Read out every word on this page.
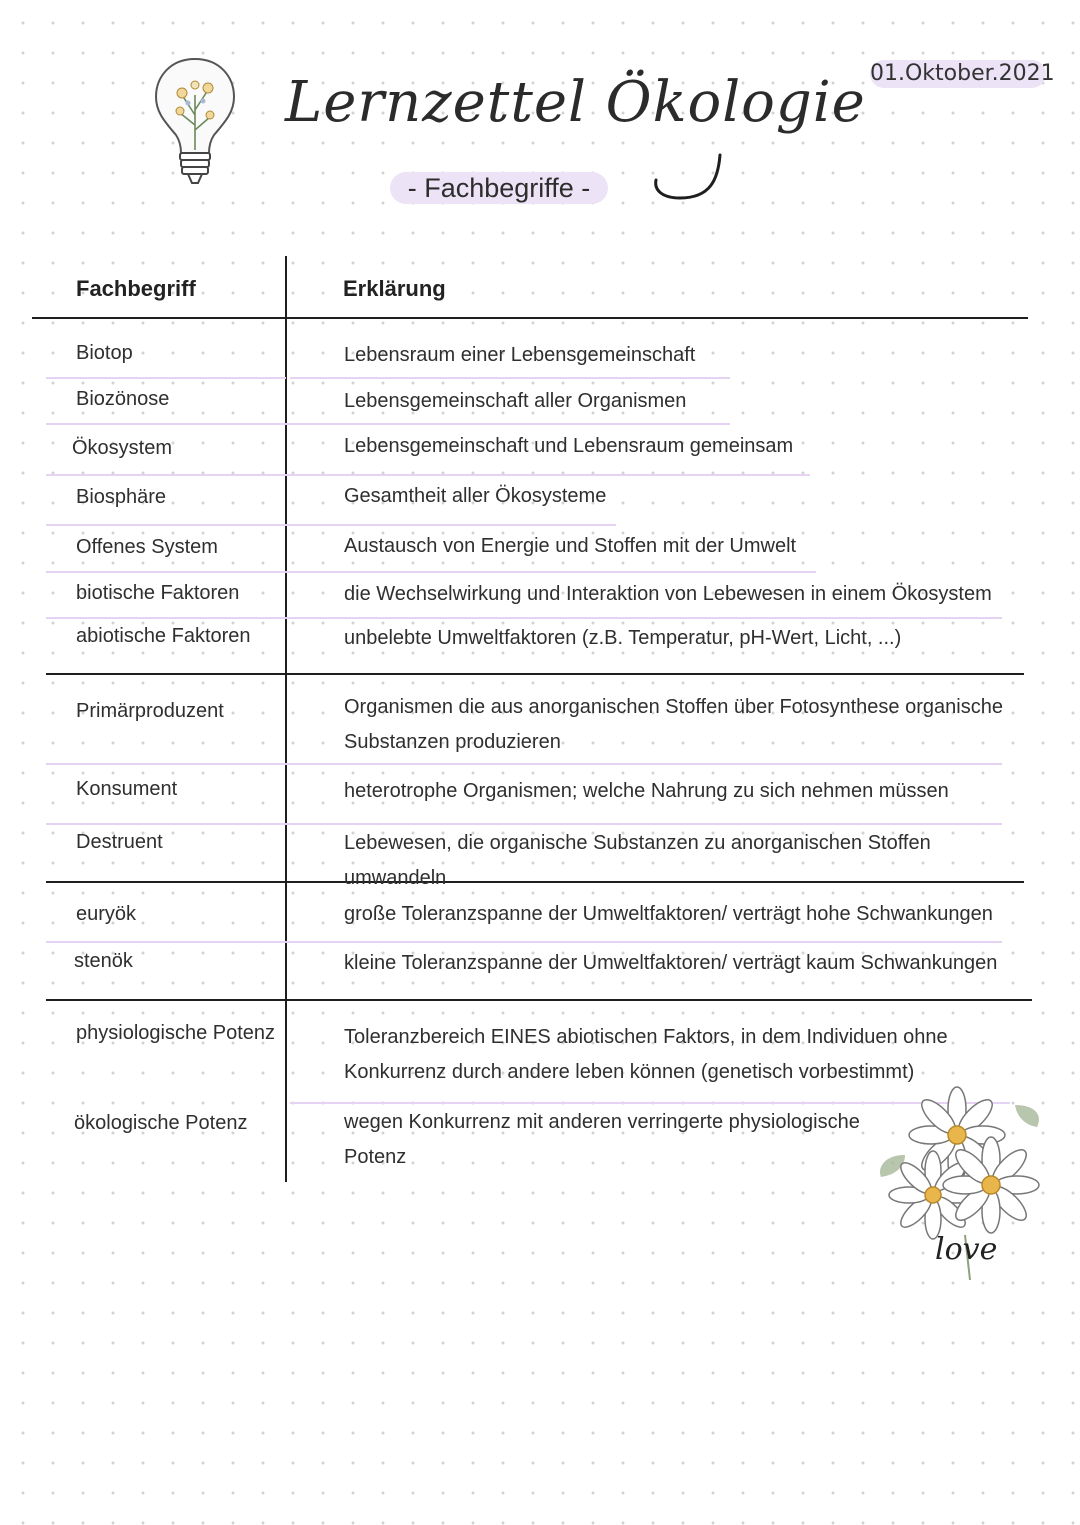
01.Oktober.2021
Lernzettel Ökologie
- Fachbegriffe -
Fachbegriff	Erklärung
Biotop
Biozönose
Ökosystem
Biosphäre
Offenes System
biotische Faktoren
abiotische Faktoren
Primärproduzent
Konsument
Destruent
euryök
stenök
physiologische Potenz
ökologische Potenz
Lebensraum einer Lebensgemeinschaft
Lebensgemeinschaft aller Organismen
Lebensgemeinschaft und Lebensraum gemeinsam
Gesamtheit aller Ökosysteme
Austausch von Energie und Stoffen mit der Umwelt
die Wechselwirkung und Interaktion von Lebewesen in einem Ökosystem
unbelebte Umweltfaktoren (z.B. Temperatur, pH-Wert, Licht, ...)
Organismen die aus anorganischen Stoffen über Fotosynthese organische Substanzen produzieren
heterotrophe Organismen; welche Nahrung zu sich nehmen müssen
Lebewesen, die organische Substanzen zu anorganischen Stoffen umwandeln
große Toleranzspanne der Umweltfaktoren/ verträgt hohe Schwankungen
kleine Toleranzspanne der Umweltfaktoren/ verträgt kaum Schwankungen
Toleranzbereich EINES abiotischen Faktors, in dem Individuen ohne Konkurrenz durch andere leben können (genetisch vorbestimmt)
wegen Konkurrenz mit anderen verringerte physiologische Potenz
love
